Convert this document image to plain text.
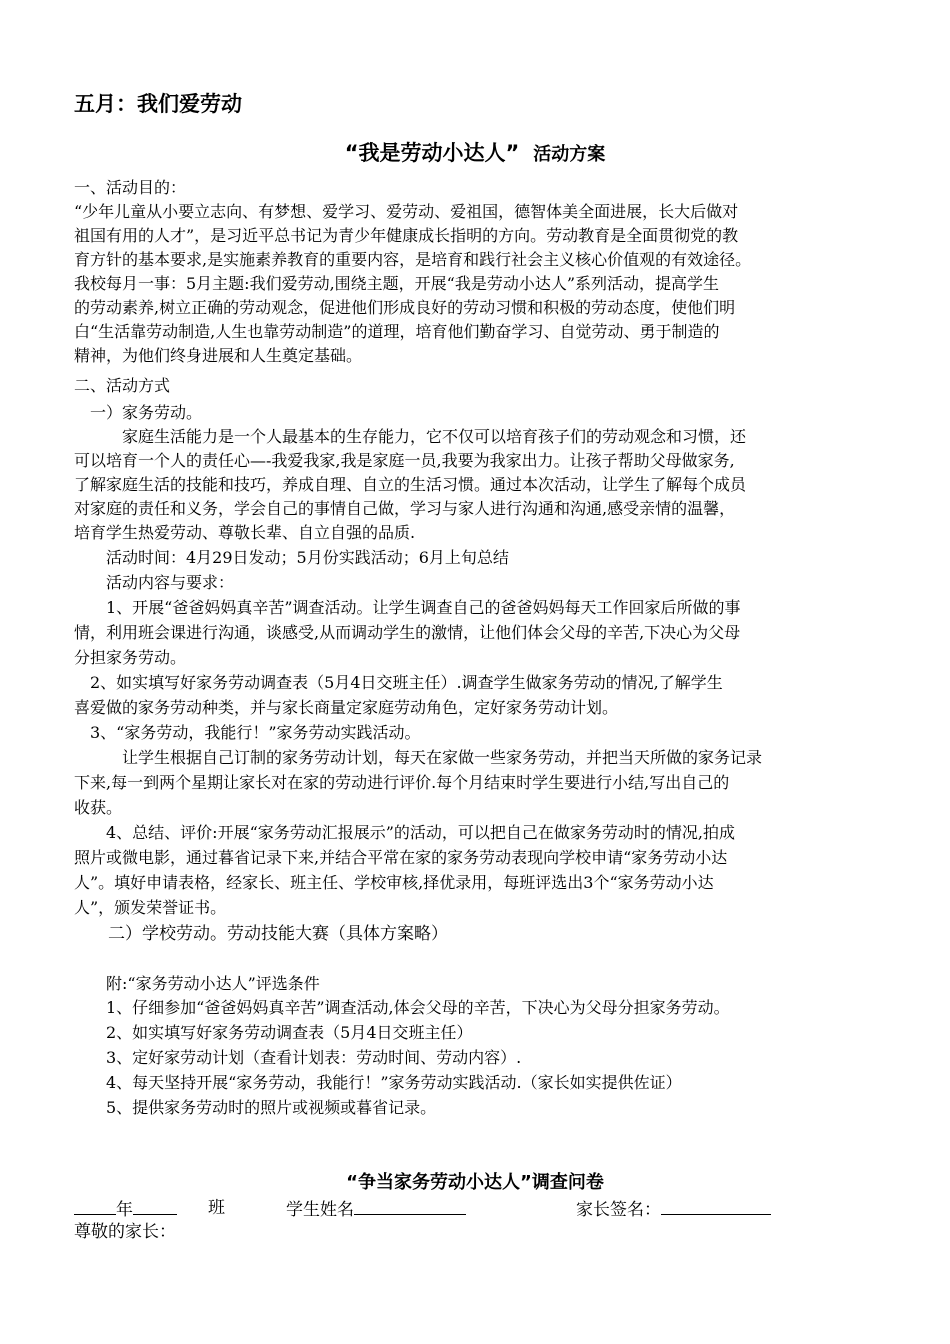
五月：我们爱劳动
“我是劳动小达人” 活动方案
一、活动目的：
“少年儿童从小要立志向、有梦想、爱学习、爱劳动、爱祖国，德智体美全面进展，长大后做对
祖国有用的人才”，是习近平总书记为青少年健康成长指明的方向。劳动教育是全面贯彻党的教
育方针的基本要求,是实施素养教育的重要内容，是培育和践行社会主义核心价值观的有效途径。
我校每月一事：5月主题:我们爱劳动,围绕主题，开展“我是劳动小达人”系列活动，提高学生
的劳动素养,树立正确的劳动观念，促进他们形成良好的劳动习惯和积极的劳动态度，使他们明
白“生活靠劳动制造,人生也靠劳动制造”的道理，培育他们勤奋学习、自觉劳动、勇于制造的
精神，为他们终身进展和人生奠定基础。
二、活动方式
　一）家务劳动。
　　　家庭生活能力是一个人最基本的生存能力，它不仅可以培育孩子们的劳动观念和习惯，还
可以培育一个人的责任心—-我爱我家,我是家庭一员,我要为我家出力。让孩子帮助父母做家务,
了解家庭生活的技能和技巧，养成自理、自立的生活习惯。通过本次活动，让学生了解每个成员
对家庭的责任和义务，学会自己的事情自己做，学习与家人进行沟通和沟通,感受亲情的温馨，
培育学生热爱劳动、尊敬长辈、自立自强的品质.
　　活动时间：4月29日发动；5月份实践活动；6月上旬总结
　　活动内容与要求：
　　1、开展“爸爸妈妈真辛苦”调查活动。让学生调查自己的爸爸妈妈每天工作回家后所做的事
情，利用班会课进行沟通，谈感受,从而调动学生的激情，让他们体会父母的辛苦,下决心为父母
分担家务劳动。
　2、如实填写好家务劳动调查表（5月4日交班主任）.调查学生做家务劳动的情况,了解学生
喜爱做的家务劳动种类，并与家长商量定家庭劳动角色，定好家务劳动计划。
　3、“家务劳动，我能行！”家务劳动实践活动。
　　　让学生根据自己订制的家务劳动计划，每天在家做一些家务劳动，并把当天所做的家务记录
下来,每一到两个星期让家长对在家的劳动进行评价.每个月结束时学生要进行小结,写出自己的
收获。
　　4、总结、评价:开展“家务劳动汇报展示”的活动，可以把自己在做家务劳动时的情况,拍成
照片或微电影，通过暮省记录下来,并结合平常在家的家务劳动表现向学校申请“家务劳动小达
人”。填好申请表格，经家长、班主任、学校审核,择优录用，每班评选出3个“家务劳动小达
人”，颁发荣誉证书。
　　二）学校劳动。劳动技能大赛（具体方案略）
　　附:“家务劳动小达人”评选条件
　　1、仔细参加“爸爸妈妈真辛苦”调查活动,体会父母的辛苦，下决心为父母分担家务劳动。
　　2、如实填写好家务劳动调查表（5月4日交班主任）
　　3、定好家劳动计划（查看计划表：劳动时间、劳动内容）.
　　4、每天坚持开展“家务劳动，我能行！”家务劳动实践活动.（家长如实提供佐证）
　　5、提供家务劳动时的照片或视频或暮省记录。
“争当家务劳动小达人”调查问卷
年	班	学生姓名	家长签名：
尊敬的家长：
